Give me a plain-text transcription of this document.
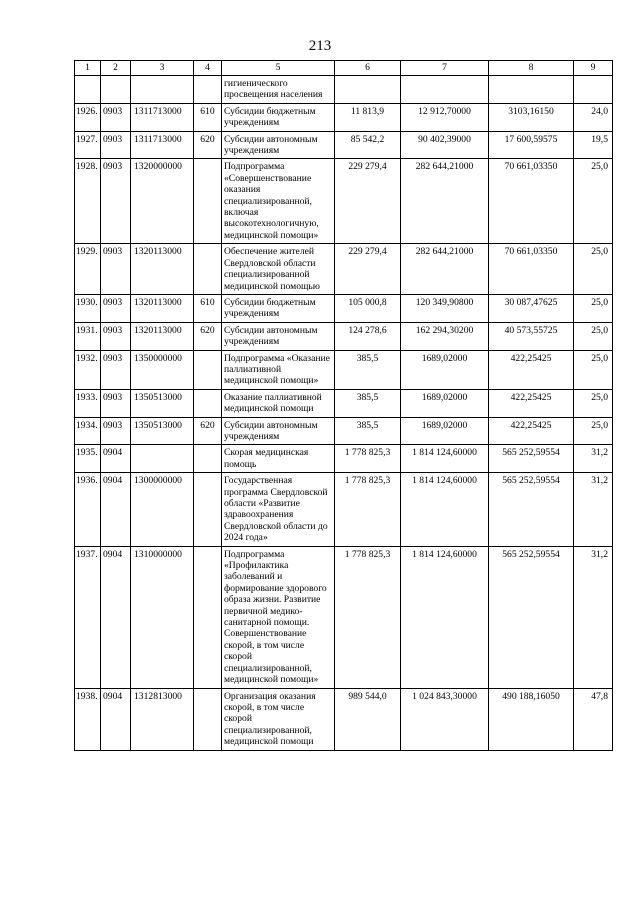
213
1	2	3	4	5	6	7	8	9
				гигиенического просвещения населения				
1926.	0903	1311713000	610	Субсидии бюджетным учреждениям	11 813,9	12 912,70000	3103,16150	24,0
1927.	0903	1311713000	620	Субсидии автономным учреждениям	85 542,2	90 402,39000	17 600,59575	19,5
1928.	0903	1320000000		Подпрограмма «Совершенствование оказания специализированной, включая высокотехнологичную, медицинской помощи»	229 279,4	282 644,21000	70 661,03350	25,0
1929.	0903	1320113000		Обеспечение жителей Свердловской области специализированной медицинской помощью	229 279,4	282 644,21000	70 661,03350	25,0
1930.	0903	1320113000	610	Субсидии бюджетным учреждениям	105 000,8	120 349,90800	30 087,47625	25,0
1931.	0903	1320113000	620	Субсидии автономным учреждениям	124 278,6	162 294,30200	40 573,55725	25,0
1932.	0903	1350000000		Подпрограмма «Оказание паллиативной медицинской помощи»	385,5	1689,02000	422,25425	25,0
1933.	0903	1350513000		Оказание паллиативной медицинской помощи	385,5	1689,02000	422,25425	25,0
1934.	0903	1350513000	620	Субсидии автономным учреждениям	385,5	1689,02000	422,25425	25,0
1935.	0904			Скорая медицинская помощь	1 778 825,3	1 814 124,60000	565 252,59554	31,2
1936.	0904	1300000000		Государственная программа Свердловской области «Развитие здравоохранения Свердловской области до 2024 года»	1 778 825,3	1 814 124,60000	565 252,59554	31,2
1937.	0904	1310000000		Подпрограмма «Профилактика заболеваний и формирование здорового образа жизни. Развитие первичной медико-санитарной помощи. Совершенствование скорой, в том числе скорой специализированной, медицинской помощи»	1 778 825,3	1 814 124,60000	565 252,59554	31,2
1938.	0904	1312813000		Организация оказания скорой, в том числе скорой специализированной, медицинской помощи	989 544,0	1 024 843,30000	490 188,16050	47,8
